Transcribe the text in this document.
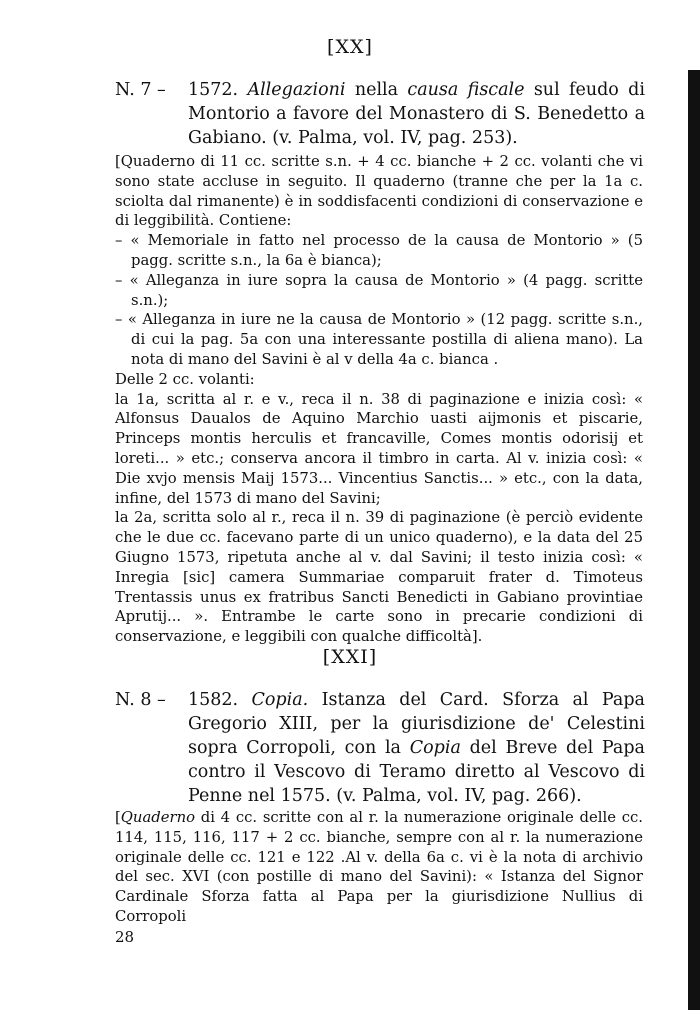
[XX]
N. 7 – 1572. Allegazioni nella causa fiscale sul feudo di Montorio a favore del Monastero di S. Benedetto a Gabiano. (v. Palma, vol. IV, pag. 253).

[Quaderno di 11 cc. scritte s.n. + 4 cc. bianche + 2 cc. volanti che vi sono state accluse in seguito. Il quaderno (tranne che per la 1a c. sciolta dal rimanente) è in soddisfacenti condizioni di conservazione e di leggibilità. Contiene:

– « Memoriale in fatto nel processo de la causa de Montorio » (5 pagg. scritte s.n., la 6a è bianca);

– « Alleganza in iure sopra la causa de Montorio » (4 pagg. scritte s.n.);

– « Alleganza in iure ne la causa de Montorio » (12 pagg. scritte s.n., di cui la pag. 5a con una interessante postilla di aliena mano). La nota di mano del Savini è al v della 4a c. bianca .

Delle 2 cc. volanti:

la 1a, scritta al r. e v., reca il n. 38 di paginazione e inizia così: « Alfonsus Daualos de Aquino Marchio uasti aijmonis et piscarie, Princeps montis herculis et francaville, Comes montis odorisij et loreti... » etc.; conserva ancora il timbro in carta. Al v. inizia così: « Die xvjo mensis Maij 1573... Vincentius Sanctis... » etc., con la data, infine, del 1573 di mano del Savini;

la 2a, scritta solo al r., reca il n. 39 di paginazione (è perciò evidente che le due cc. facevano parte di un unico quaderno), e la data del 25 Giugno 1573, ripetuta anche al v. dal Savini; il testo inizia così: « Inregia [sic] camera Summariae comparuit frater d. Timoteus Trentassis unus ex fratribus Sancti Benedicti in Gabiano provintiae Aprutij... ». Entrambe le carte sono in precarie condizioni di conservazione, e leggibili con qualche difficoltà].

[XXI]
N. 8 – 1582. Copia. Istanza del Card. Sforza al Papa Gregorio XIII, per la giurisdizione de' Celestini sopra Corropoli, con la Copia del Breve del Papa contro il Vescovo di Teramo diretto al Vescovo di Penne nel 1575. (v. Palma, vol. IV, pag. 266).

[Quaderno di 4 cc. scritte con al r. la numerazione originale delle cc. 114, 115, 116, 117 + 2 cc. bianche, sempre con al r. la numerazione originale delle cc. 121 e 122 .Al v. della 6a c. vi è la nota di archivio del sec. XVI (con postille di mano del Savini): « Istanza del Signor Cardinale Sforza fatta al Papa per la giurisdizione Nullius di Corropoli

28
